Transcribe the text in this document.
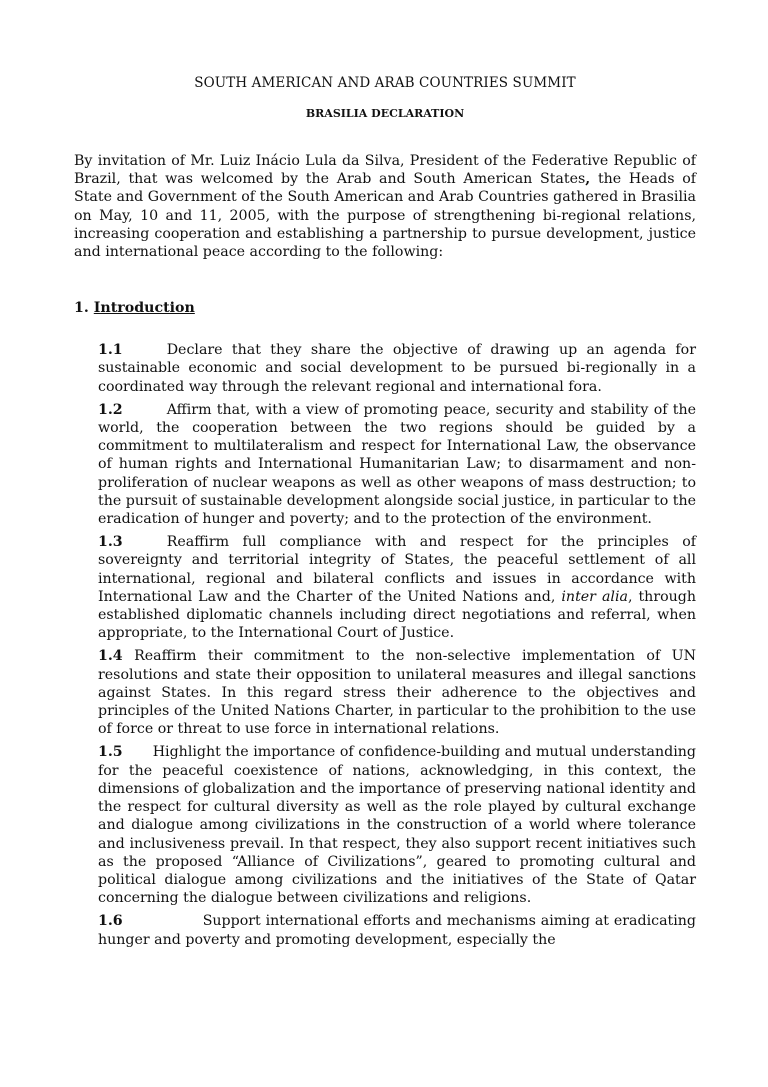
SOUTH AMERICAN AND ARAB COUNTRIES SUMMIT
BRASILIA DECLARATION

By invitation of Mr. Luiz Inácio Lula da Silva, President of the Federative Republic of Brazil, that was welcomed by the Arab and South American States, the Heads of State and Government of the South American and Arab Countries gathered in Brasilia on May, 10 and 11, 2005, with the purpose of strengthening bi-regional relations, increasing cooperation and establishing a partnership to pursue development, justice and international peace according to the following:

1. Introduction

1.1	Declare that they share the objective of drawing up an agenda for sustainable economic and social development to be pursued bi-regionally in a coordinated way through the relevant regional and international fora.

1.2	Affirm that, with a view of promoting peace, security and stability of the world, the cooperation between the two regions should be guided by a commitment to multilateralism and respect for International Law, the observance of human rights and International Humanitarian Law; to disarmament and non-proliferation of nuclear weapons as well as other weapons of mass destruction; to the pursuit of sustainable development alongside social justice, in particular to the eradication of hunger and poverty; and to the protection of the environment.

1.3	Reaffirm full compliance with and respect for the principles of sovereignty and territorial integrity of States, the peaceful settlement of all international, regional and bilateral conflicts and issues in accordance with International Law and the Charter of the United Nations and, inter alia, through established diplomatic channels including direct negotiations and referral, when appropriate, to the International Court of Justice.

1.4 Reaffirm their commitment to the non-selective implementation of UN resolutions and state their opposition to unilateral measures and illegal sanctions against States. In this regard stress their adherence to the objectives and principles of the United Nations Charter, in particular to the prohibition to the use of force or threat to use force in international relations.

1.5 Highlight the importance of confidence-building and mutual understanding for the peaceful coexistence of nations, acknowledging, in this context, the dimensions of globalization and the importance of preserving national identity and the respect for cultural diversity as well as the role played by cultural exchange and dialogue among civilizations in the construction of a world where tolerance and inclusiveness prevail. In that respect, they also support recent initiatives such as the proposed “Alliance of Civilizations”, geared to promoting cultural and political dialogue among civilizations and the initiatives of the State of Qatar concerning the dialogue between civilizations and religions.

1.6	Support international efforts and mechanisms aiming at eradicating hunger and poverty and promoting development, especially the
